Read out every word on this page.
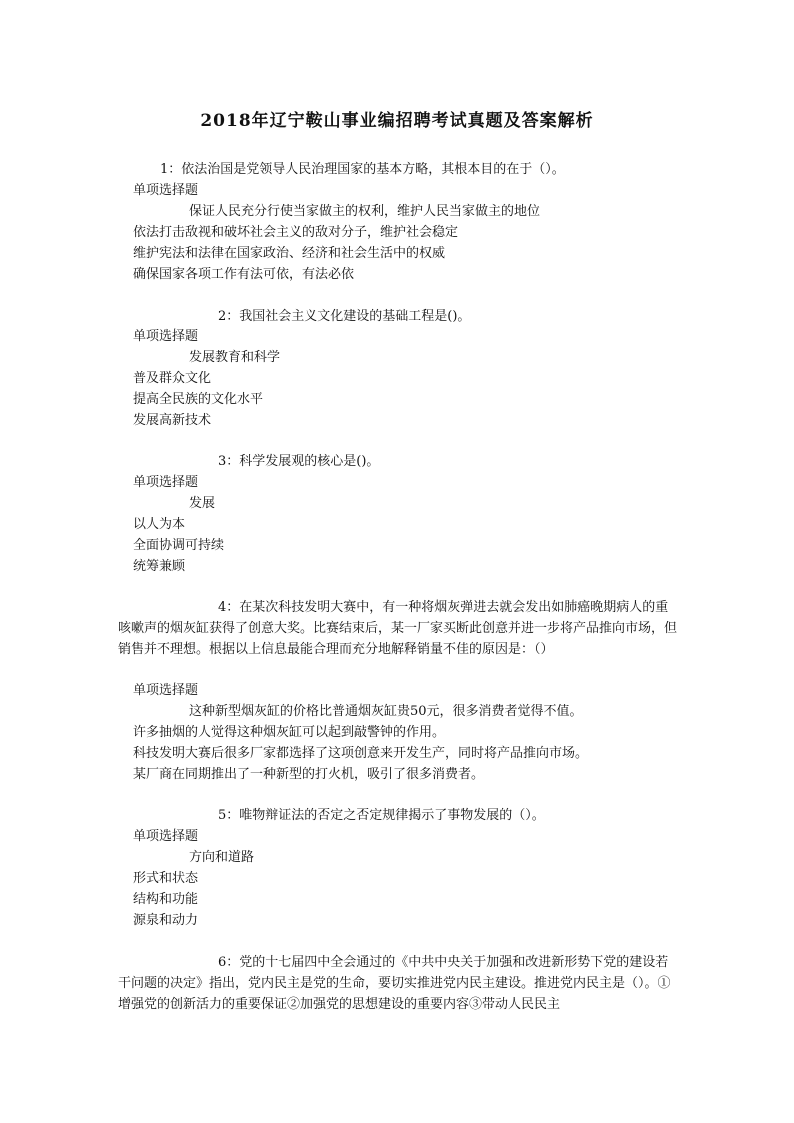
2018年辽宁鞍山事业编招聘考试真题及答案解析
1：依法治国是党领导人民治理国家的基本方略，其根本目的在于（）。
单项选择题
保证人民充分行使当家做主的权利，维护人民当家做主的地位
依法打击敌视和破坏社会主义的敌对分子，维护社会稳定
维护宪法和法律在国家政治、经济和社会生活中的权威
确保国家各项工作有法可依，有法必依
2：我国社会主义文化建设的基础工程是()。
单项选择题
发展教育和科学
普及群众文化
提高全民族的文化水平
发展高新技术
3：科学发展观的核心是()。
单项选择题
发展
以人为本
全面协调可持续
统筹兼顾
4：在某次科技发明大赛中，有一种将烟灰弹进去就会发出如肺癌晚期病人的重咳嗽声的烟灰缸获得了创意大奖。比赛结束后，某一厂家买断此创意并进一步将产品推向市场，但销售并不理想。根据以上信息最能合理而充分地解释销量不佳的原因是：（）
单项选择题
这种新型烟灰缸的价格比普通烟灰缸贵50元，很多消费者觉得不值。
许多抽烟的人觉得这种烟灰缸可以起到敲警钟的作用。
科技发明大赛后很多厂家都选择了这项创意来开发生产，同时将产品推向市场。
某厂商在同期推出了一种新型的打火机，吸引了很多消费者。
5：唯物辩证法的否定之否定规律揭示了事物发展的（）。
单项选择题
方向和道路
形式和状态
结构和功能
源泉和动力
6：党的十七届四中全会通过的《中共中央关于加强和改进新形势下党的建设若干问题的决定》指出，党内民主是党的生命，要切实推进党内民主建设。推进党内民主是（）。①增强党的创新活力的重要保证②加强党的思想建设的重要内容③带动人民民主
